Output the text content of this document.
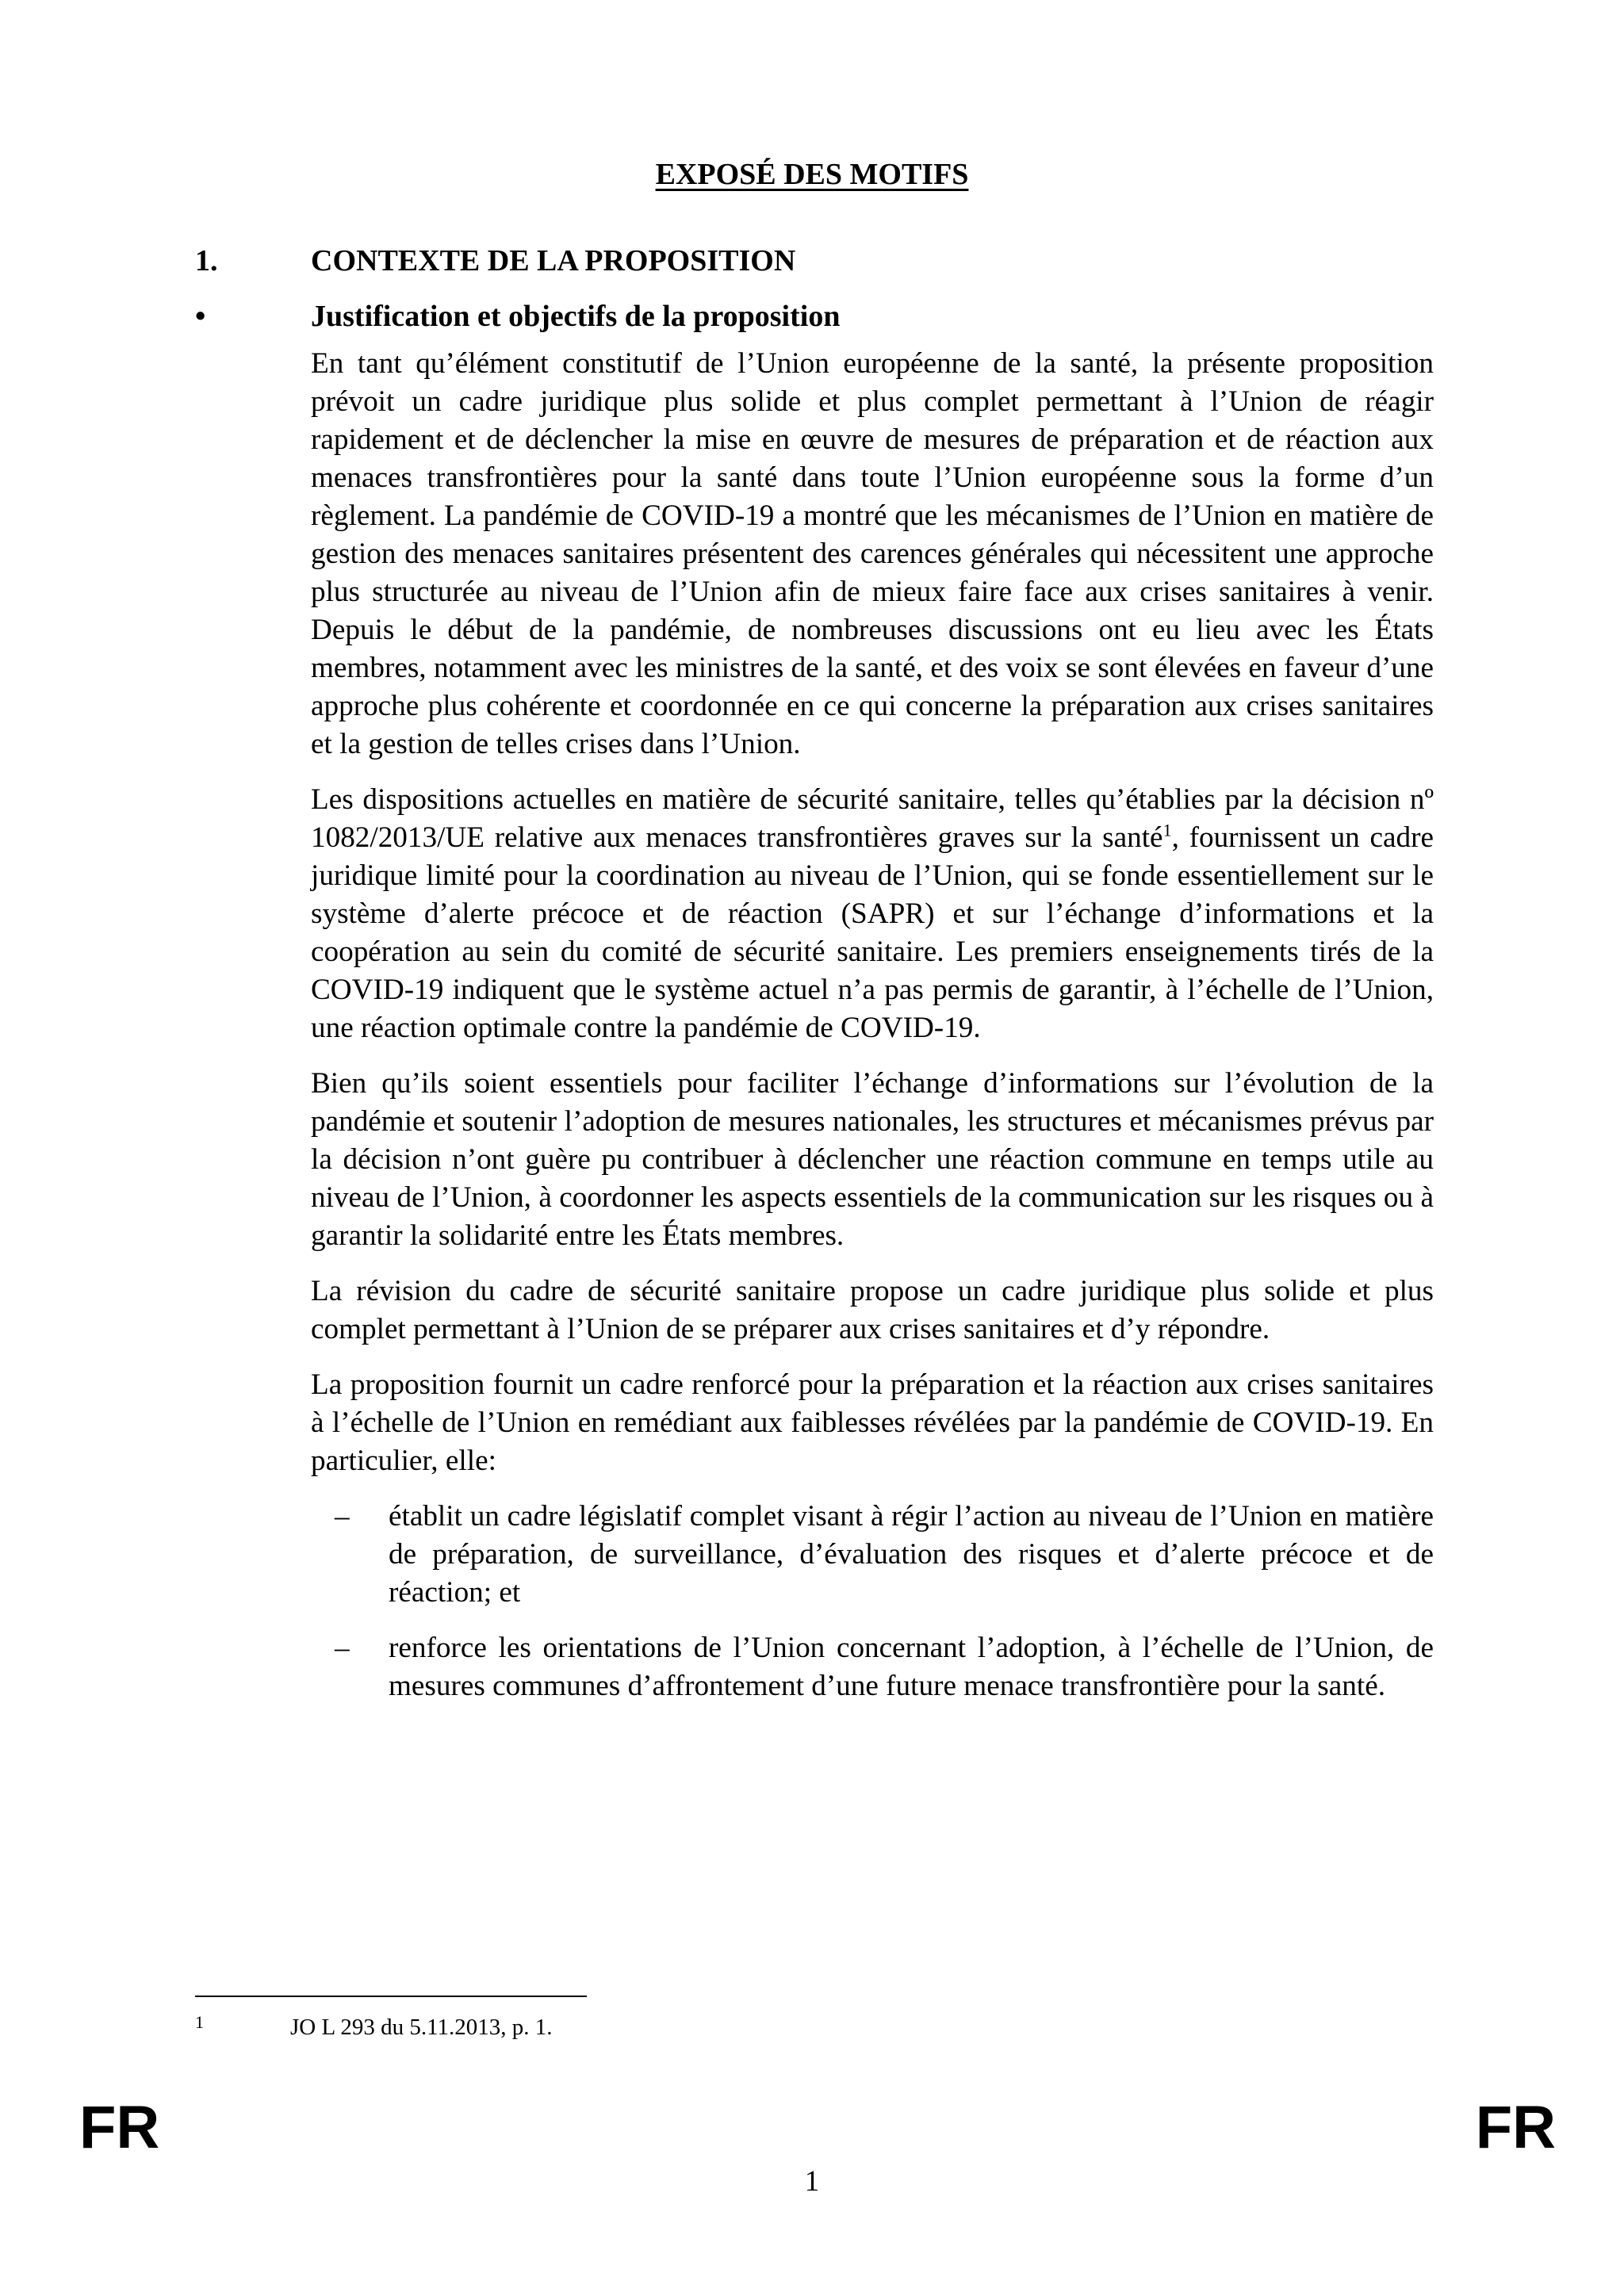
EXPOSÉ DES MOTIFS
1.	CONTEXTE DE LA PROPOSITION
•	Justification et objectifs de la proposition

En tant qu’élément constitutif de l’Union européenne de la santé, la présente proposition prévoit un cadre juridique plus solide et plus complet permettant à l’Union de réagir rapidement et de déclencher la mise en œuvre de mesures de préparation et de réaction aux menaces transfrontières pour la santé dans toute l’Union européenne sous la forme d’un règlement. La pandémie de COVID-19 a montré que les mécanismes de l’Union en matière de gestion des menaces sanitaires présentent des carences générales qui nécessitent une approche plus structurée au niveau de l’Union afin de mieux faire face aux crises sanitaires à venir. Depuis le début de la pandémie, de nombreuses discussions ont eu lieu avec les États membres, notamment avec les ministres de la santé, et des voix se sont élevées en faveur d’une approche plus cohérente et coordonnée en ce qui concerne la préparation aux crises sanitaires et la gestion de telles crises dans l’Union.

Les dispositions actuelles en matière de sécurité sanitaire, telles qu’établies par la décision nº 1082/2013/UE relative aux menaces transfrontières graves sur la santé$^1$, fournissent un cadre juridique limité pour la coordination au niveau de l’Union, qui se fonde essentiellement sur le système d’alerte précoce et de réaction (SAPR) et sur l’échange d’informations et la coopération au sein du comité de sécurité sanitaire. Les premiers enseignements tirés de la COVID-19 indiquent que le système actuel n’a pas permis de garantir, à l’échelle de l’Union, une réaction optimale contre la pandémie de COVID-19.

Bien qu’ils soient essentiels pour faciliter l’échange d’informations sur l’évolution de la pandémie et soutenir l’adoption de mesures nationales, les structures et mécanismes prévus par la décision n’ont guère pu contribuer à déclencher une réaction commune en temps utile au niveau de l’Union, à coordonner les aspects essentiels de la communication sur les risques ou à garantir la solidarité entre les États membres.

La révision du cadre de sécurité sanitaire propose un cadre juridique plus solide et plus complet permettant à l’Union de se préparer aux crises sanitaires et d’y répondre.

La proposition fournit un cadre renforcé pour la préparation et la réaction aux crises sanitaires à l’échelle de l’Union en remédiant aux faiblesses révélées par la pandémie de COVID-19. En particulier, elle:

– établit un cadre législatif complet visant à régir l’action au niveau de l’Union en matière de préparation, de surveillance, d’évaluation des risques et d’alerte précoce et de réaction; et
– renforce les orientations de l’Union concernant l’adoption, à l’échelle de l’Union, de mesures communes d’affrontement d’une future menace transfrontière pour la santé.
1	JO L 293 du 5.11.2013, p. 1.
FR
1
FR
